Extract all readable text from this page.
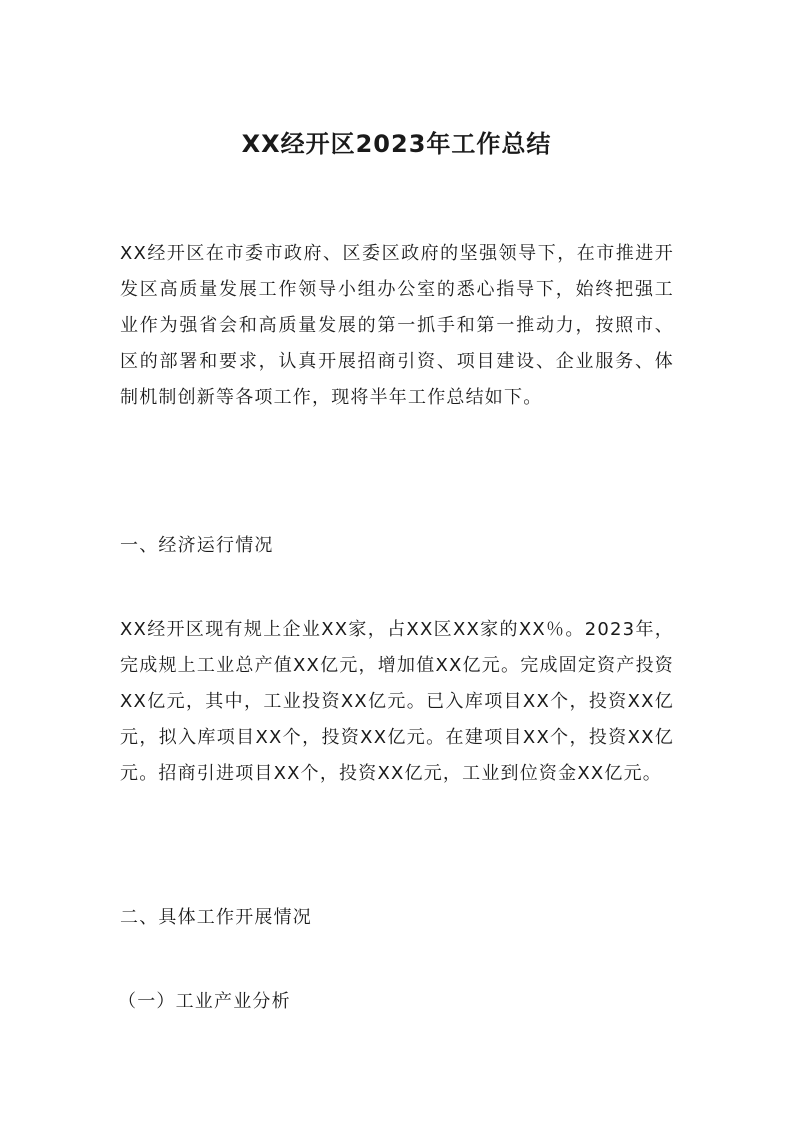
XX经开区2023年工作总结

XX经开区在市委市政府、区委区政府的坚强领导下，在市推进开发区高质量发展工作领导小组办公室的悉心指导下，始终把强工业作为强省会和高质量发展的第一抓手和第一推动力，按照市、区的部署和要求，认真开展招商引资、项目建设、企业服务、体制机制创新等各项工作，现将半年工作总结如下。

一、经济运行情况

XX经开区现有规上企业XX家，占XX区XX家的XX％。2023年，完成规上工业总产值XX亿元，增加值XX亿元。完成固定资产投资XX亿元，其中，工业投资XX亿元。已入库项目XX个，投资XX亿元，拟入库项目XX个，投资XX亿元。在建项目XX个，投资XX亿元。招商引进项目XX个，投资XX亿元，工业到位资金XX亿元。

二、具体工作开展情况

（一）工业产业分析
